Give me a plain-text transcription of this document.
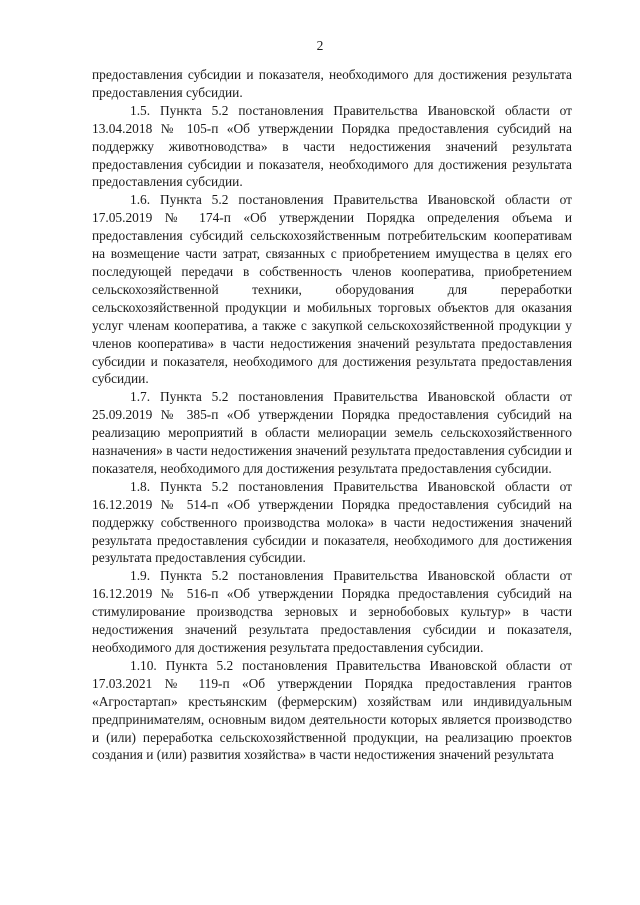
2

предоставления субсидии и показателя, необходимого для достижения результата предоставления субсидии.

1.5. Пункта 5.2 постановления Правительства Ивановской области от 13.04.2018 № 105-п «Об утверждении Порядка предоставления субсидий на поддержку животноводства» в части недостижения значений результата предоставления субсидии и показателя, необходимого для достижения результата предоставления субсидии.

1.6. Пункта 5.2 постановления Правительства Ивановской области от 17.05.2019 № 174-п «Об утверждении Порядка определения объема и предоставления субсидий сельскохозяйственным потребительским кооперативам на возмещение части затрат, связанных с приобретением имущества в целях его последующей передачи в собственность членов кооператива, приобретением сельскохозяйственной техники, оборудования для переработки сельскохозяйственной продукции и мобильных торговых объектов для оказания услуг членам кооператива, а также с закупкой сельскохозяйственной продукции у членов кооператива» в части недостижения значений результата предоставления субсидии и показателя, необходимого для достижения результата предоставления субсидии.

1.7. Пункта 5.2 постановления Правительства Ивановской области от 25.09.2019 № 385-п «Об утверждении Порядка предоставления субсидий на реализацию мероприятий в области мелиорации земель сельскохозяйственного назначения» в части недостижения значений результата предоставления субсидии и показателя, необходимого для достижения результата предоставления субсидии.

1.8. Пункта 5.2 постановления Правительства Ивановской области от 16.12.2019 № 514-п «Об утверждении Порядка предоставления субсидий на поддержку собственного производства молока» в части недостижения значений результата предоставления субсидии и показателя, необходимого для достижения результата предоставления субсидии.

1.9. Пункта 5.2 постановления Правительства Ивановской области от 16.12.2019 № 516-п «Об утверждении Порядка предоставления субсидий на стимулирование производства зерновых и зернобобовых культур» в части недостижения значений результата предоставления субсидии и показателя, необходимого для достижения результата предоставления субсидии.

1.10. Пункта 5.2 постановления Правительства Ивановской области от 17.03.2021 № 119-п «Об утверждении Порядка предоставления грантов «Агростартап» крестьянским (фермерским) хозяйствам или индивидуальным предпринимателям, основным видом деятельности которых является производство и (или) переработка сельскохозяйственной продукции, на реализацию проектов создания и (или) развития хозяйства» в части недостижения значений результата
